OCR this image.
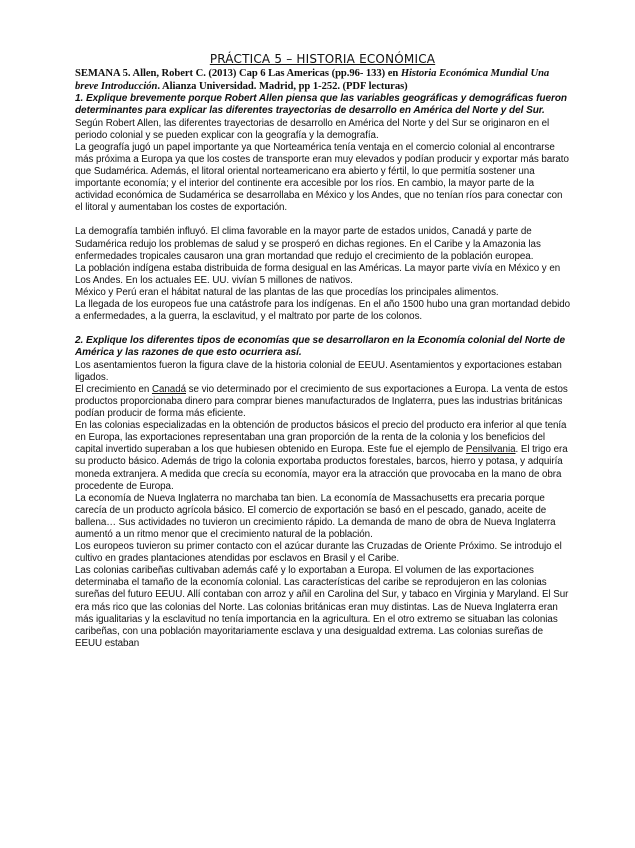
PRÁCTICA 5 – HISTORIA ECONÓMICA

SEMANA 5. Allen, Robert C. (2013) Cap 6 Las Americas (pp.96- 133) en Historia Económica Mundial Una breve Introducción. Alianza Universidad. Madrid, pp 1-252. (PDF lecturas)

1. Explique brevemente porque Robert Allen piensa que las variables geográficas y demográficas fueron determinantes para explicar las diferentes trayectorias de desarrollo en América del Norte y del Sur.

Según Robert Allen, las diferentes trayectorias de desarrollo en América del Norte y del Sur se originaron en el periodo colonial y se pueden explicar con la geografía y la demografía.

La geografía jugó un papel importante ya que Norteamérica tenía ventaja en el comercio colonial al encontrarse más próxima a Europa ya que los costes de transporte eran muy elevados y podían producir y exportar más barato que Sudamérica. Además, el litoral oriental norteamericano era abierto y fértil, lo que permitía sostener una importante economía; y el interior del continente era accesible por los ríos. En cambio, la mayor parte de la actividad económica de Sudamérica se desarrollaba en México y los Andes, que no tenían ríos para conectar con el litoral y aumentaban los costes de exportación.

La demografía también influyó. El clima favorable en la mayor parte de estados unidos, Canadá y parte de Sudamérica redujo los problemas de salud y se prosperó en dichas regiones. En el Caribe y la Amazonia las enfermedades tropicales causaron una gran mortandad que redujo el crecimiento de la población europea.

La población indígena estaba distribuida de forma desigual en las Américas. La mayor parte vivía en México y en Los Andes. En los actuales EE. UU. vivían 5 millones de nativos.

México y Perú eran el hábitat natural de las plantas de las que procedías los principales alimentos.

La llegada de los europeos fue una catástrofe para los indígenas. En el año 1500 hubo una gran mortandad debido a enfermedades, a la guerra, la esclavitud, y el maltrato por parte de los colonos.

2. Explique los diferentes tipos de economías que se desarrollaron en la Economía colonial del Norte de América y las razones de que esto ocurriera así.

Los asentamientos fueron la figura clave de la historia colonial de EEUU. Asentamientos y exportaciones estaban ligados.

El crecimiento en Canadá se vio determinado por el crecimiento de sus exportaciones a Europa. La venta de estos productos proporcionaba dinero para comprar bienes manufacturados de Inglaterra, pues las industrias británicas podían producir de forma más eficiente.

En las colonias especializadas en la obtención de productos básicos el precio del producto era inferior al que tenía en Europa, las exportaciones representaban una gran proporción de la renta de la colonia y los beneficios del capital invertido superaban a los que hubiesen obtenido en Europa. Este fue el ejemplo de Pensilvania. El trigo era su producto básico. Además de trigo la colonia exportaba productos forestales, barcos, hierro y potasa, y adquiría moneda extranjera. A medida que crecía su economía, mayor era la atracción que provocaba en la mano de obra procedente de Europa.

La economía de Nueva Inglaterra no marchaba tan bien. La economía de Massachusetts era precaria porque carecía de un producto agrícola básico. El comercio de exportación se basó en el pescado, ganado, aceite de ballena… Sus actividades no tuvieron un crecimiento rápido. La demanda de mano de obra de Nueva Inglaterra aumentó a un ritmo menor que el crecimiento natural de la población.

Los europeos tuvieron su primer contacto con el azúcar durante las Cruzadas de Oriente Próximo. Se introdujo el cultivo en grades plantaciones atendidas por esclavos en Brasil y el Caribe.

Las colonias caribeñas cultivaban además café y lo exportaban a Europa. El volumen de las exportaciones determinaba el tamaño de la economía colonial. Las características del caribe se reprodujeron en las colonias sureñas del futuro EEUU. Allí contaban con arroz y añil en Carolina del Sur, y tabaco en Virginia y Maryland. El Sur era más rico que las colonias del Norte. Las colonias británicas eran muy distintas. Las de Nueva Inglaterra eran más igualitarias y la esclavitud no tenía importancia en la agricultura. En el otro extremo se situaban las colonias caribeñas, con una población mayoritariamente esclava y una desigualdad extrema. Las colonias sureñas de EEUU estaban
